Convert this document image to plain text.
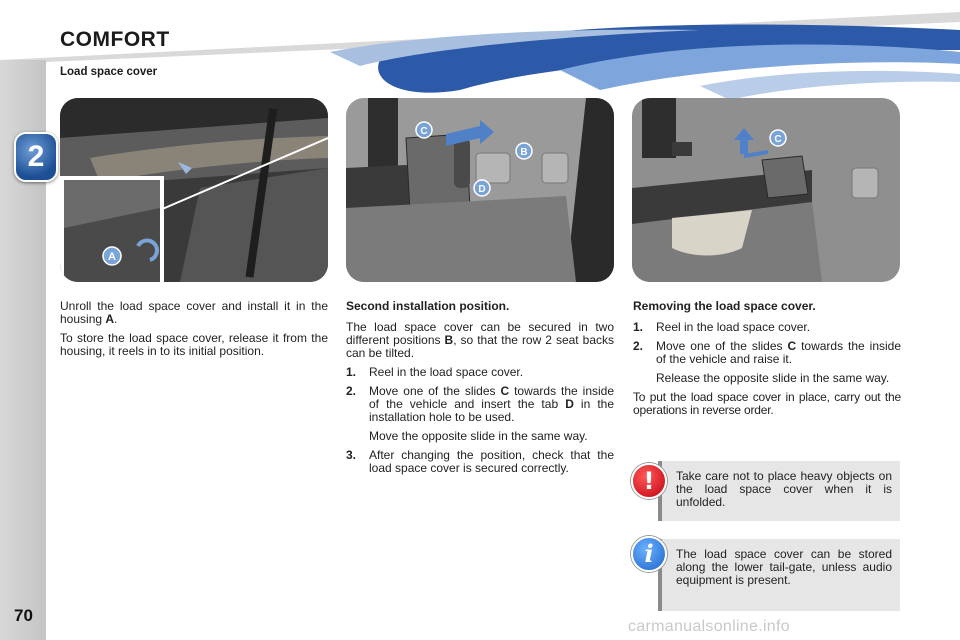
2
COMFORT
Load space cover
A
C
B
D
C

Unroll the load space cover and install it in the housing A.

To store the load space cover, release it from the housing, it reels in to its initial position.

Second installation position.

The load space cover can be secured in two different positions B, so that the row 2 seat backs can be tilted.

1.	Reel in the load space cover.
2.	Move one of the slides C towards the inside of the vehicle and insert the tab D in the installation hole to be used.

Move the opposite slide in the same way.

3.	After changing the position, check that the load space cover is secured correctly.

Removing the load space cover.

1.	Reel in the load space cover.
2.	Move one of the slides C towards the inside of the vehicle and raise it.

Release the opposite slide in the same way.

To put the load space cover in place, carry out the operations in reverse order.

Take care not to place heavy objects on the load space cover when it is unfolded.
!
The load space cover can be stored along the lower tail-gate, unless audio equipment is present.
i
70
carmanualsonline.info
